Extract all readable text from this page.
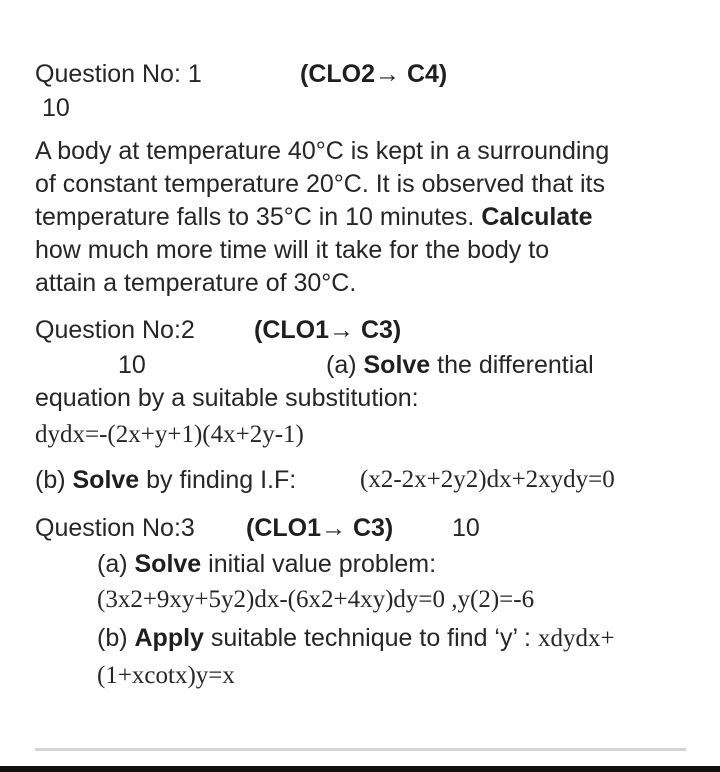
Question No: 1	(CLO2→ C4)
10
A body at temperature 40°C is kept in a surrounding
of constant temperature 20°C. It is observed that its
temperature falls to 35°C in 10 minutes. Calculate
how much more time will it take for the body to
attain a temperature of 30°C.
Question No:2 (CLO1→ C3)
10	(a) Solve the differential
equation by a suitable substitution:
dydx=-(2x+y+1)(4x+2y-1)
(b) Solve by finding I.F:	(x2-2x+2y2)dx+2xydy=0
Question No:3 (CLO1→ C3) 10
(a) Solve initial value problem:
(3x2+9xy+5y2)dx-(6x2+4xy)dy=0 ,y(2)=-6
(b) Apply suitable technique to find ‘y’ : xdydx+
(1+xcotx)y=x
